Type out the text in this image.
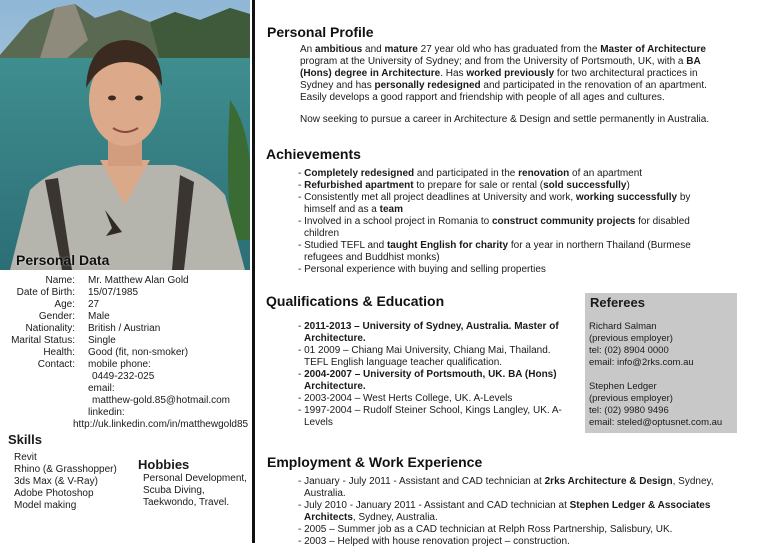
Personal Data
Name:	Mr. Matthew Alan Gold
Date of Birth:	15/07/1985
Age:	27
Gender:	Male
Nationality:	British / Austrian
Marital Status:	Single
Health:	Good (fit, non-smoker)
Contact:	mobile phone:
0449-232-025
email:
matthew-gold.85@hotmail.com
linkedin:
http://uk.linkedin.com/in/matthewgold85
Skills
Revit
Rhino (& Grasshopper)
3ds Max (& V-Ray)
Adobe Photoshop
Model making
Hobbies
Personal Development,
Scuba Diving,
Taekwondo, Travel.
Personal Profile

An ambitious and mature 27 year old who has graduated from the Master of Architecture program at the University of Sydney; and from the University of Portsmouth, UK, with a BA (Hons) degree in Architecture. Has worked previously for two architectural practices in Sydney and has personally redesigned and participated in the renovation of an apartment. Easily develops a good rapport and friendship with people of all ages and cultures.

Now seeking to pursue a career in Architecture & Design and settle permanently in Australia.

Achievements
- Completely redesigned and participated in the renovation of an apartment
- Refurbished apartment to prepare for sale or rental (sold successfully)
- Consistently met all project deadlines at University and work, working successfully by himself and as a team
- Involved in a school project in Romania to construct community projects for disabled children
- Studied TEFL and taught English for charity for a year in northern Thailand (Burmese refugees and Buddhist monks)
- Personal experience with buying and selling properties
Qualifications & Education
- 2011-2013 – University of Sydney, Australia. Master of Architecture.
- 01 2009 – Chiang Mai University, Chiang Mai, Thailand. TEFL English language teacher qualification.
- 2004-2007 – University of Portsmouth, UK. BA (Hons) Architecture.
- 2003-2004 – West Herts College, UK. A-Levels
- 1997-2004 – Rudolf Steiner School, Kings Langley, UK. A-Levels
Referees
Richard Salman
(previous employer)
tel: (02) 8904 0000
email: info@2rks.com.au
Stephen Ledger
(previous employer)
tel: (02) 9980 9496
email: steled@optusnet.com.au
Employment & Work Experience
- January - July 2011 - Assistant and CAD technician at 2rks Architecture & Design, Sydney, Australia.
- July 2010 - January 2011 - Assistant and CAD technician at Stephen Ledger & Associates Architects, Sydney, Australia.
- 2005 – Summer job as a CAD technician at Relph Ross Partnership, Salisbury, UK.
- 2003 – Helped with house renovation project – construction.
